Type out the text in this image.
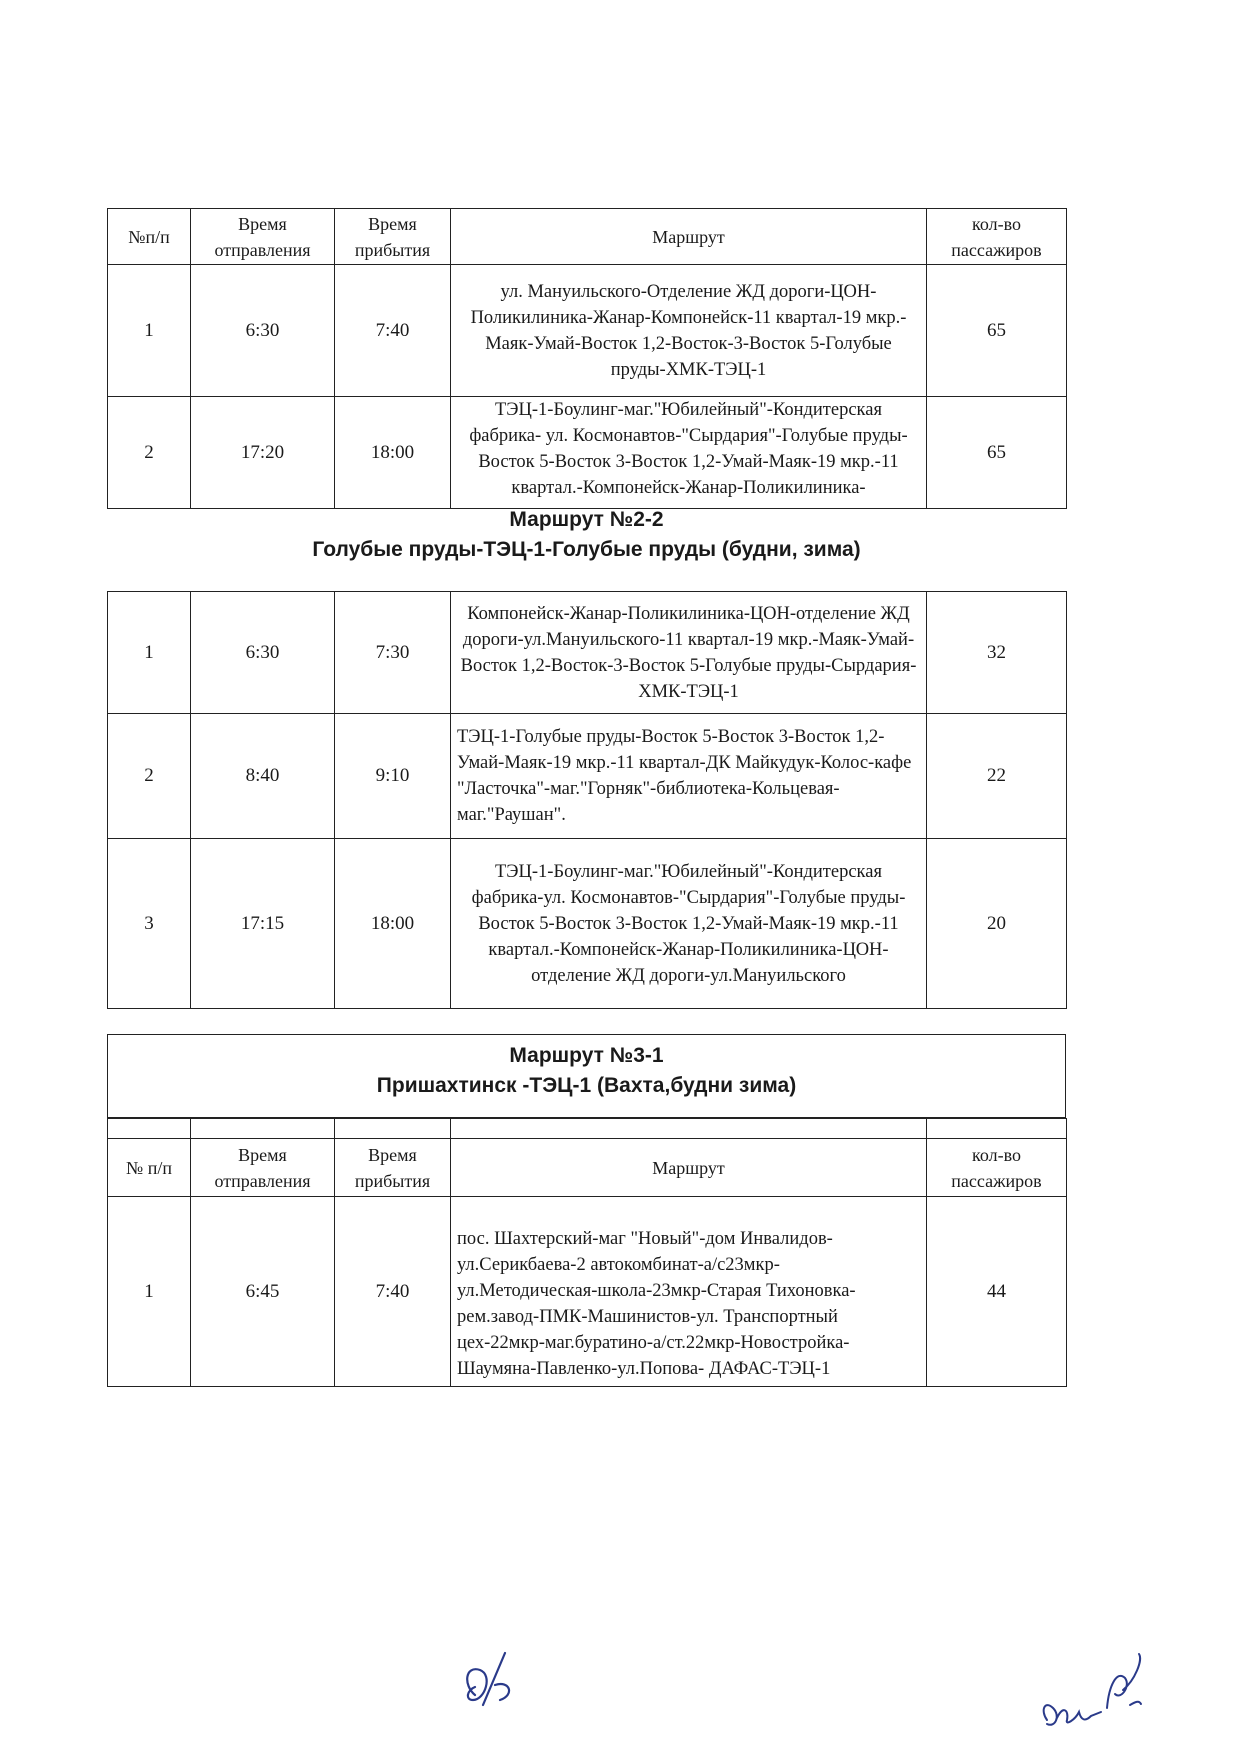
№п/п	Время отправления	Время прибытия	Маршрут	кол-во пассажиров
1	6:30	7:40	ул. Мануильского-Отделение ЖД дороги-ЦОН-Поликилиника-Жанар-Компонейск-11 квартал-19 мкр.-Маяк-Умай-Восток 1,2-Восток-3-Восток 5-Голубые пруды-ХМК-ТЭЦ-1	65
2	17:20	18:00	ТЭЦ-1-Боулинг-маг."Юбилейный"-Кондитерская фабрика- ул. Космонавтов-"Сырдария"-Голубые пруды-Восток 5-Восток 3-Восток 1,2-Умай-Маяк-19 мкр.-11 квартал.-Компонейск-Жанар-Поликилиника-	65
Маршрут №2-2
Голубые пруды-ТЭЦ-1-Голубые пруды (будни, зима)
1	6:30	7:30	Компонейск-Жанар-Поликилиника-ЦОН-отделение ЖД дороги-ул.Мануильского-11 квартал-19 мкр.-Маяк-Умай-Восток 1,2-Восток-3-Восток 5-Голубые пруды-Сырдария-ХМК-ТЭЦ-1	32
2	8:40	9:10	ТЭЦ-1-Голубые пруды-Восток 5-Восток 3-Восток 1,2-Умай-Маяк-19 мкр.-11 квартал-ДК Майкудук-Колос-кафе "Ласточка"-маг."Горняк"-библиотека-Кольцевая-маг."Раушан".	22
3	17:15	18:00	ТЭЦ-1-Боулинг-маг."Юбилейный"-Кондитерская фабрика-ул. Космонавтов-"Сырдария"-Голубые пруды-Восток 5-Восток 3-Восток 1,2-Умай-Маяк-19 мкр.-11 квартал.-Компонейск-Жанар-Поликилиника-ЦОН-отделение ЖД дороги-ул.Мануильского	20
Маршрут №3-1
Пришахтинск -ТЭЦ-1 (Вахта,будни зима)

№ п/п	Время отправления	Время прибытия	Маршрут	кол-во пассажиров
1	6:45	7:40	пос. Шахтерский-маг "Новый"-дом Инвалидов-ул.Серикбаева-2 автокомбинат-а/с23мкр-ул.Методическая-школа-23мкр-Старая Тихоновка-рем.завод-ПМК-Машинистов-ул. Транспортный цех-22мкр-маг.буратино-а/ст.22мкр-Новостройка-Шаумяна-Павленко-ул.Попова- ДАФАС-ТЭЦ-1	44
